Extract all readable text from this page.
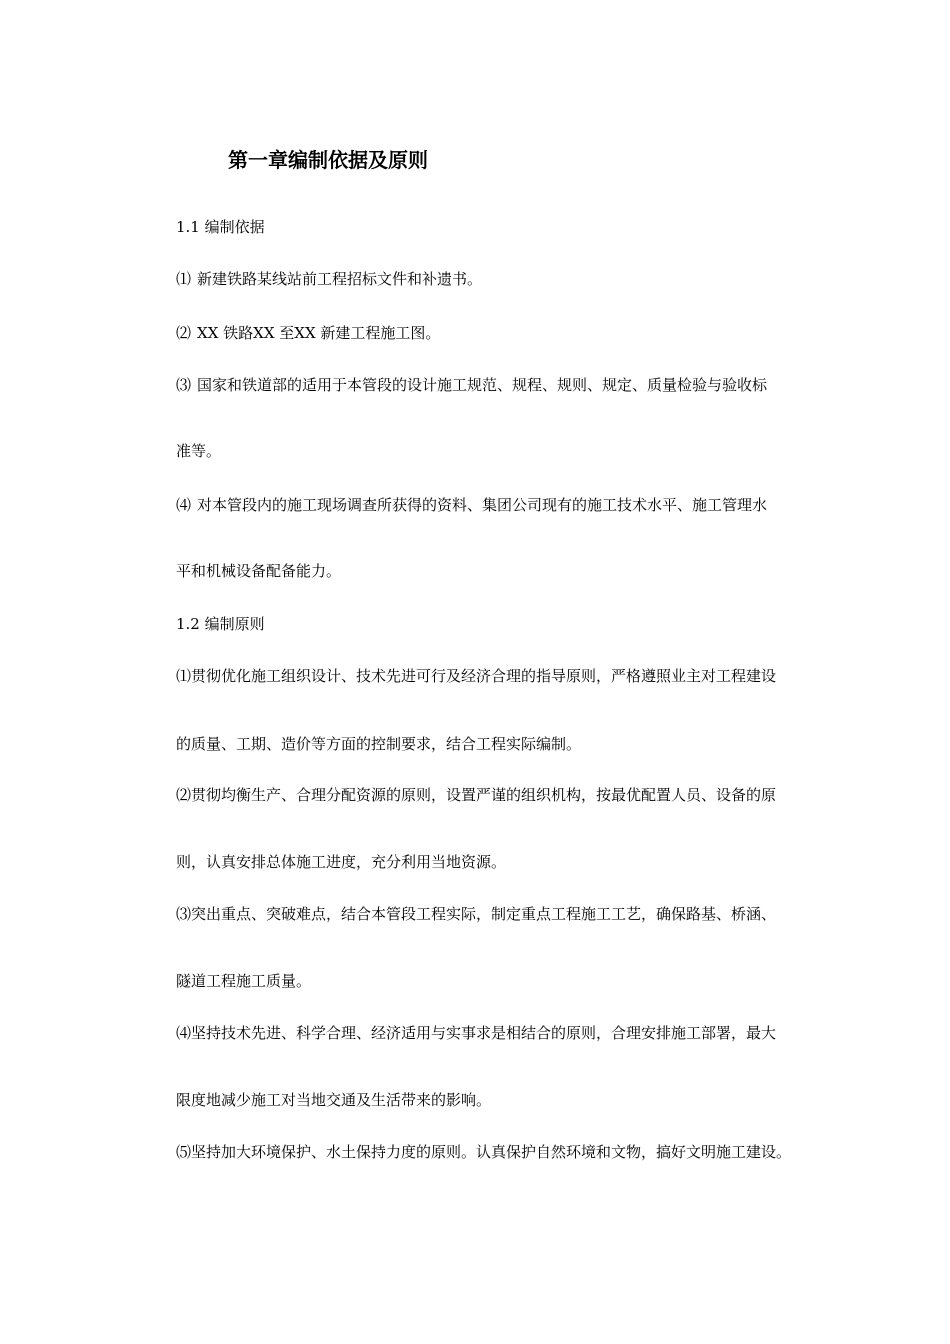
第一章编制依据及原则

1.1 编制依据

⑴ 新建铁路某线站前工程招标文件和补遗书。

⑵ XX 铁路XX 至XX 新建工程施工图。

⑶ 国家和铁道部的适用于本管段的设计施工规范、规程、规则、规定、质量检验与验收标

准等。

⑷ 对本管段内的施工现场调查所获得的资料、集团公司现有的施工技术水平、施工管理水

平和机械设备配备能力。

1.2 编制原则

⑴贯彻优化施工组织设计、技术先进可行及经济合理的指导原则，严格遵照业主对工程建设

的质量、工期、造价等方面的控制要求，结合工程实际编制。

⑵贯彻均衡生产、合理分配资源的原则，设置严谨的组织机构，按最优配置人员、设备的原

则，认真安排总体施工进度，充分利用当地资源。

⑶突出重点、突破难点，结合本管段工程实际，制定重点工程施工工艺，确保路基、桥涵、

隧道工程施工质量。

⑷坚持技术先进、科学合理、经济适用与实事求是相结合的原则，合理安排施工部署，最大

限度地减少施工对当地交通及生活带来的影响。

⑸坚持加大环境保护、水土保持力度的原则。认真保护自然环境和文物，搞好文明施工建设。
